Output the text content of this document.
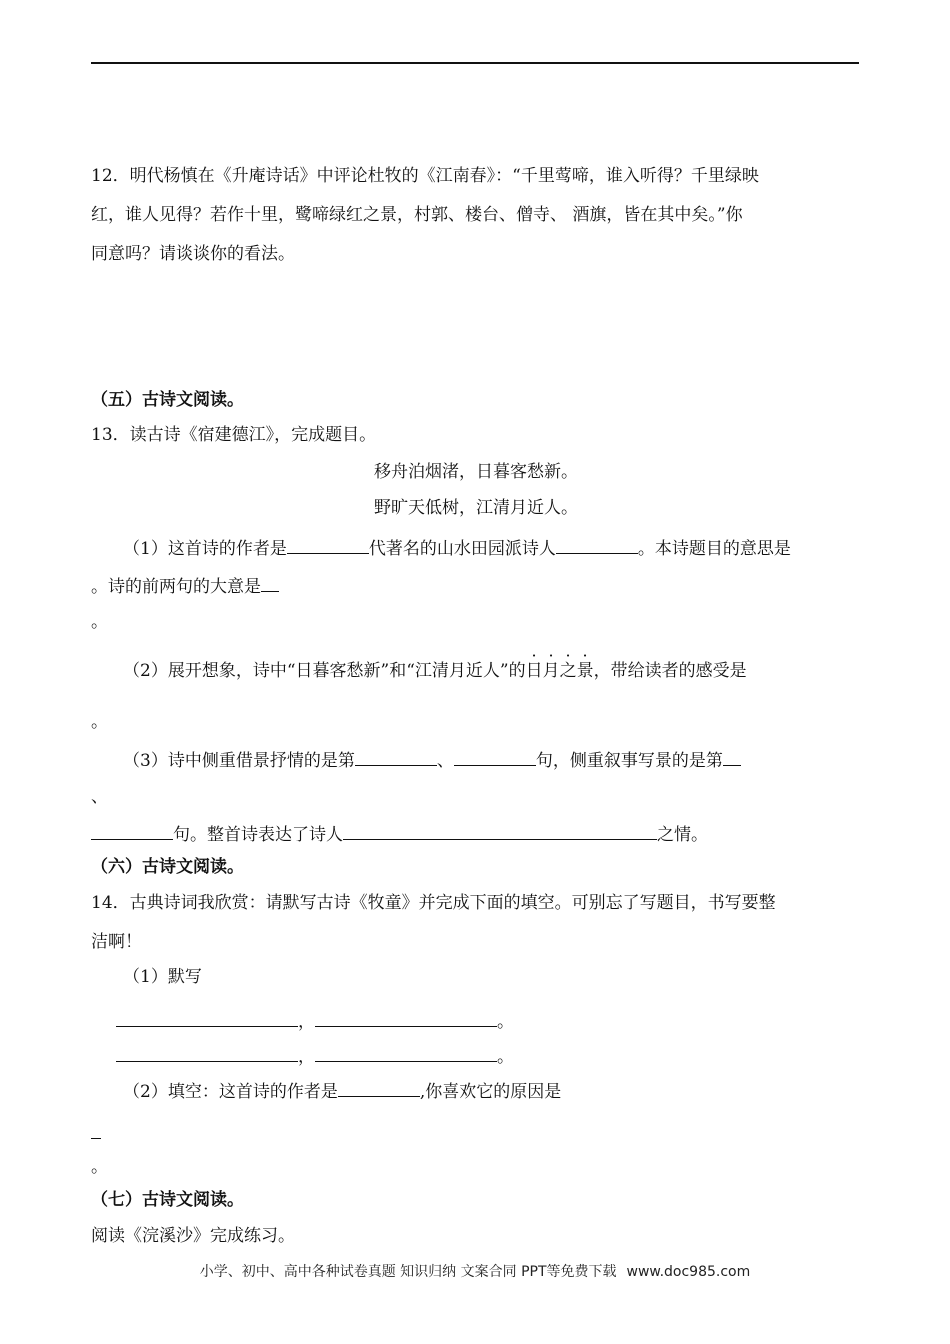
12．明代杨慎在《升庵诗话》中评论杜牧的《江南春》：“千里莺啼，谁入听得？千里绿映
红，谁人见得？若作十里，鹭啼绿红之景，村郭、楼台、僧寺、 酒旗，皆在其中矣。”你
同意吗？请谈谈你的看法。
（五）古诗文阅读。
13．读古诗《宿建德江》，完成题目。
移舟泊烟渚，日暮客愁新。
野旷天低树，江清月近人。
（1）这首诗的作者是	代著名的山水田园派诗人	。本诗题目的意思是
。诗的前两句的大意是
。
（2）展开想象，诗中“日暮客愁新”和“江清月近人”的日月之景，带给读者的感受是
。
（3）诗中侧重借景抒情的是第	、	句，侧重叙事写景的是第
、
句。整首诗表达了诗人	之情。
（六）古诗文阅读。
14．古典诗词我欣赏：请默写古诗《牧童》并完成下面的填空。可别忘了写题目，书写要整
洁啊！
（1）默写
，	。
，	。
（2）填空：这首诗的作者是	,你喜欢它的原因是
。
（七）古诗文阅读。
阅读《浣溪沙》完成练习。
小学、初中、高中各种试卷真题 知识归纳 文案合同 PPT等免费下载 www.doc985.com
